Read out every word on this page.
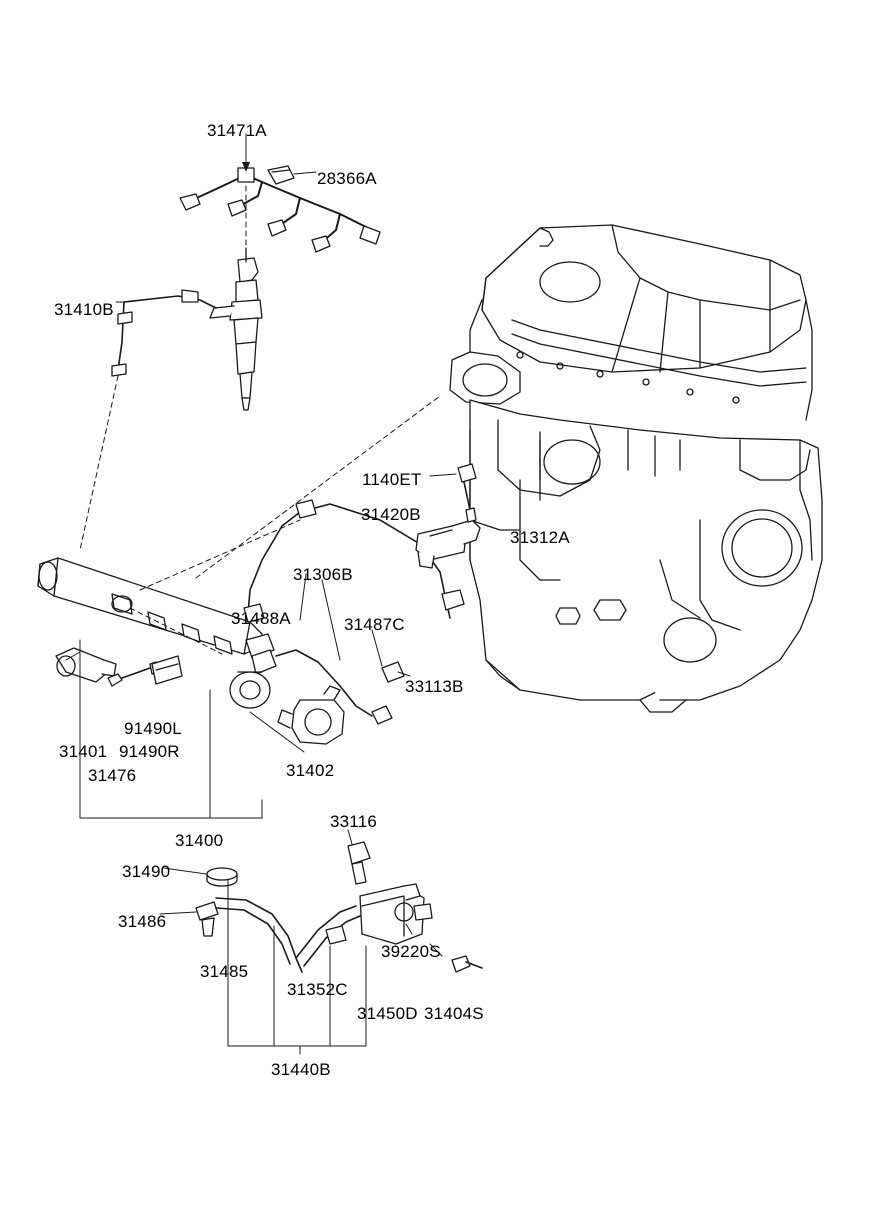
31471A
28366A
31410B
1140ET
31420B
31312A
31306B
31488A	31487C
33113B
91490L
91490R
31401
31476	31402
33116
31400
31490
31486
39220S
31485
31352C
31450D 31404S
31440B
